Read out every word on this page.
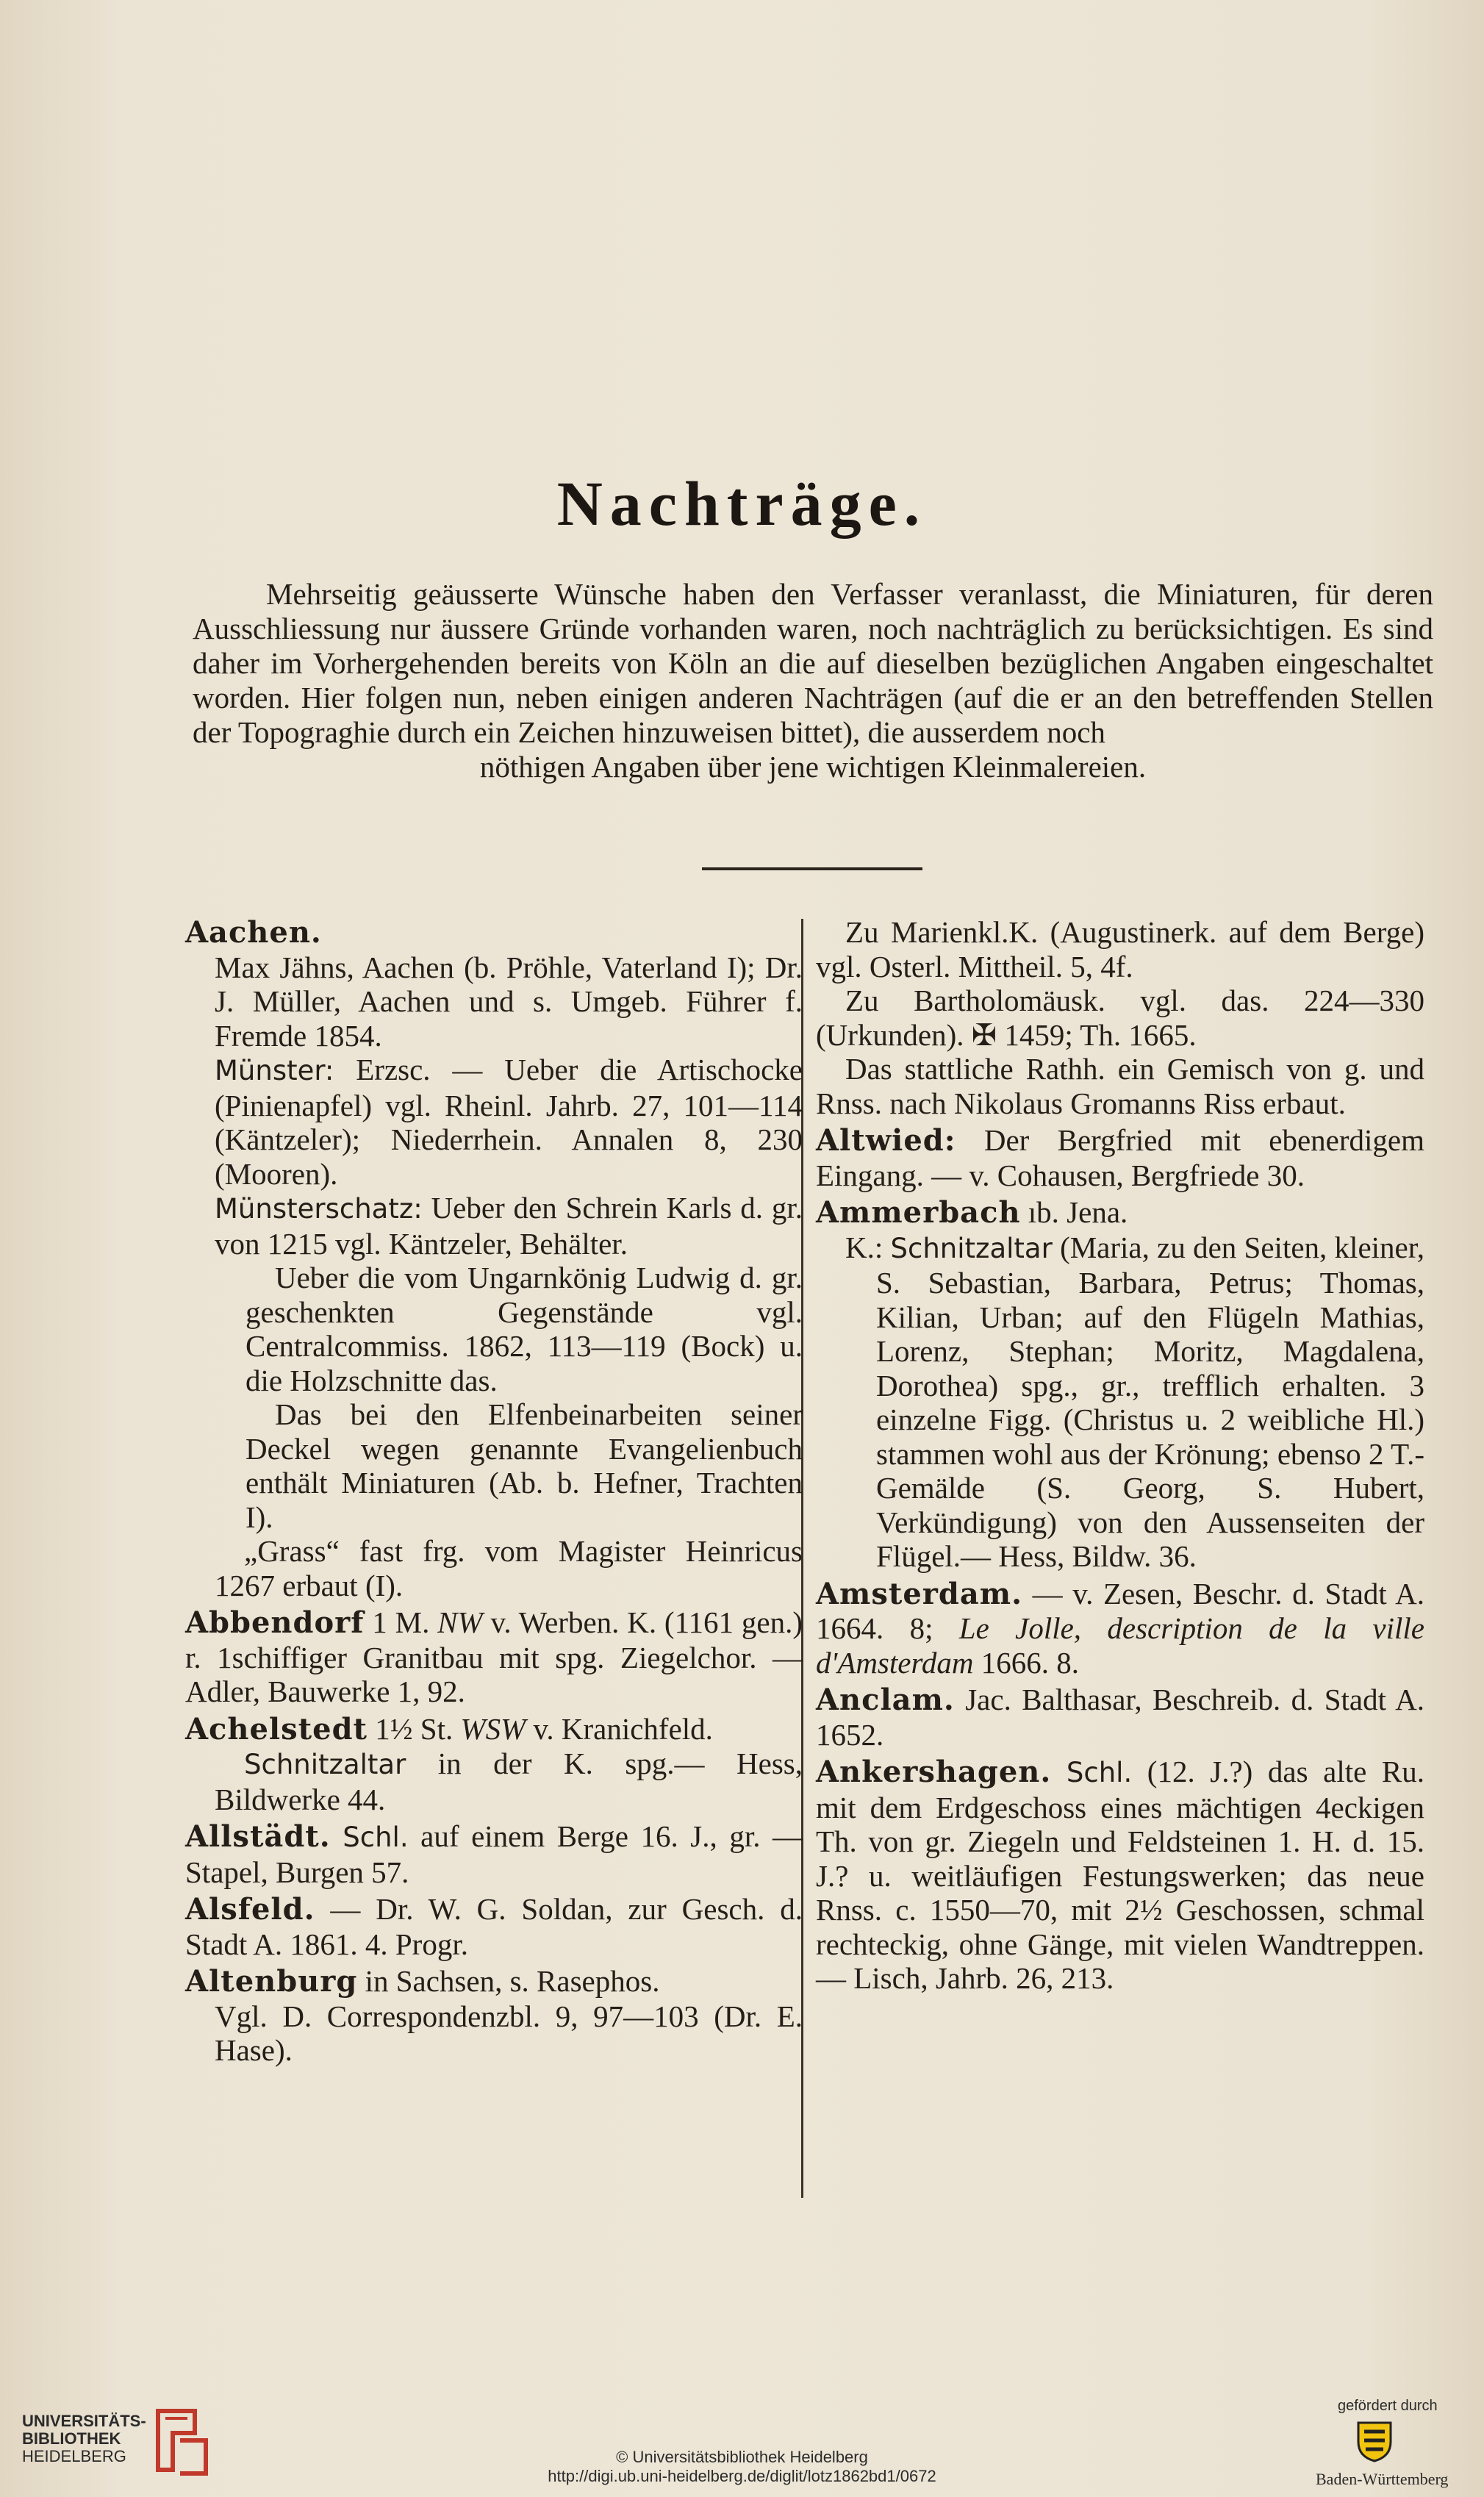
Nachträge.
Mehrseitig geäusserte Wünsche haben den Verfasser veranlasst, die Miniaturen, für deren Ausschliessung nur äussere Gründe vorhanden waren, noch nachträglich zu berücksichtigen. Es sind daher im Vorhergehenden bereits von Köln an die auf dieselben bezüglichen Angaben eingeschaltet worden. Hier folgen nun, neben einigen anderen Nachträgen (auf die er an den betreffenden Stellen der Topograghie durch ein Zeichen hinzuweisen bittet), die ausserdem noch
nöthigen Angaben über jene wichtigen Kleinmalereien.

Aachen.

Max Jähns, Aachen (b. Pröhle, Vaterland I); Dr. J. Müller, Aachen und s. Umgeb. Führer f. Fremde 1854.

Münster: Erzsc. — Ueber die Artischocke (Pinienapfel) vgl. Rheinl. Jahrb. 27, 101—114 (Käntzeler); Niederrhein. Annalen 8, 230 (Mooren).

Münsterschatz: Ueber den Schrein Karls d. gr. von 1215 vgl. Käntzeler, Behälter.

Ueber die vom Ungarnkönig Ludwig d. gr. geschenkten Gegenstände vgl. Centralcommiss. 1862, 113—119 (Bock) u. die Holzschnitte das.

Das bei den Elfenbeinarbeiten seiner Deckel wegen genannte Evangelienbuch enthält Miniaturen (Ab. b. Hefner, Trachten I).

„Grass“ fast frg. vom Magister Heinricus 1267 erbaut (I).

Abbendorf 1 M. NW v. Werben. K. (1161 gen.) r. 1schiffiger Granitbau mit spg. Ziegelchor. — Adler, Bauwerke 1, 92.

Achelstedt 1½ St. WSW v. Kranichfeld.

Schnitzaltar in der K. spg.— Hess, Bildwerke 44.

Allstädt. Schl. auf einem Berge 16. J., gr. — Stapel, Burgen 57.

Alsfeld. — Dr. W. G. Soldan, zur Gesch. d. Stadt A. 1861. 4. Progr.

Altenburg in Sachsen, s. Rasephos.

Vgl. D. Correspondenzbl. 9, 97—103 (Dr. E. Hase).

Zu Marienkl.K. (Augustinerk. auf dem Berge) vgl. Osterl. Mittheil. 5, 4f.

Zu Bartholomäusk. vgl. das. 224—330 (Urkunden). ✠ 1459; Th. 1665.

Das stattliche Rathh. ein Gemisch von g. und Rnss. nach Nikolaus Gromanns Riss erbaut.

Altwied: Der Bergfried mit ebenerdigem Eingang. — v. Cohausen, Bergfriede 30.

Ammerbach ıb. Jena.

K.: Schnitzaltar (Maria, zu den Seiten, kleiner, S. Sebastian, Barbara, Petrus; Thomas, Kilian, Urban; auf den Flügeln Mathias, Lorenz, Stephan; Moritz, Magdalena, Dorothea) spg., gr., trefflich erhalten. 3 einzelne Figg. (Christus u. 2 weibliche Hl.) stammen wohl aus der Krönung; ebenso 2 T.-Gemälde (S. Georg, S. Hubert, Verkündigung) von den Aussenseiten der Flügel.— Hess, Bildw. 36.

Amsterdam. — v. Zesen, Beschr. d. Stadt A. 1664. 8; Le Jolle, description de la ville d'Amsterdam 1666. 8.

Anclam. Jac. Balthasar, Beschreib. d. Stadt A. 1652.

Ankershagen. Schl. (12. J.?) das alte Ru. mit dem Erdgeschoss eines mächtigen 4eckigen Th. von gr. Ziegeln und Feldsteinen 1. H. d. 15. J.? u. weitläufigen Festungswerken; das neue Rnss. c. 1550—70, mit 2½ Geschossen, schmal rechteckig, ohne Gänge, mit vielen Wandtreppen. — Lisch, Jahrb. 26, 213.

UNIVERSITÄTS-
BIBLIOTHEK
HEIDELBERG	© Universitätsbibliothek Heidelberg
http://digi.ub.uni-heidelberg.de/diglit/lotz1862bd1/0672
gefördert durch
Baden-Württemberg
